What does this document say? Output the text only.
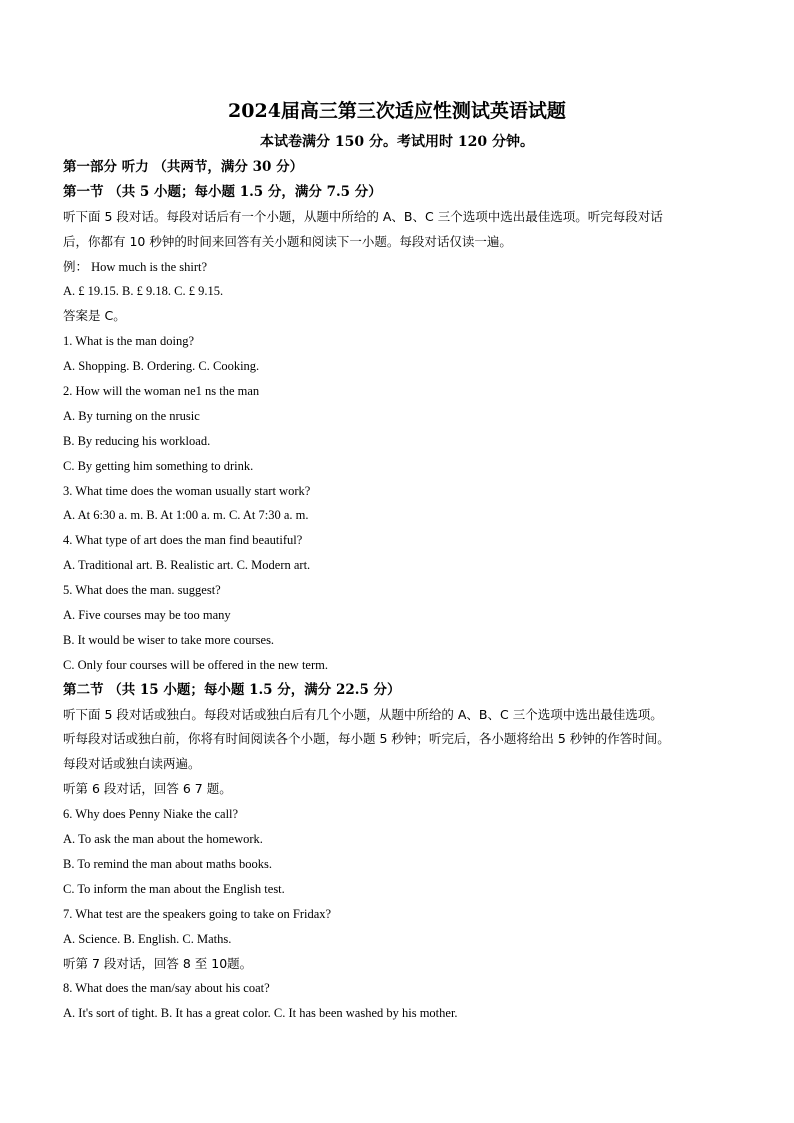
2024届高三第三次适应性测试英语试题
本试卷满分 150 分。考试用时 120 分钟。
第一部分 听力 （共两节，满分 30 分）
第一节 （共 5 小题；每小题 1.5 分，满分 7.5 分）
听下面 5 段对话。每段对话后有一个小题，从题中所给的 A、B、C 三个选项中选出最佳选项。听完每段对话
后，你都有 10 秒钟的时间来回答有关小题和阅读下一小题。每段对话仅读一遍。
例： How much is the shirt?
A. £ 19.15. B. £ 9.18. C. £ 9.15.
答案是 C。
1. What is the man doing?
A. Shopping. B. Ordering. C. Cooking.
2. How will the woman ne1 ns the man
A. By turning on the nrusic
B. By reducing his workload.
C. By getting him something to drink.
3. What time does the woman usually start work?
A. At 6:30 a. m. B. At 1:00 a. m. C. At 7:30 a. m.
4. What type of art does the man find beautiful?
A. Traditional art. B. Realistic art. C. Modern art.
5. What does the man. suggest?
A. Five courses may be too many
B. It would be wiser to take more courses.
C. Only four courses will be offered in the new term.
第二节 （共 15 小题；每小题 1.5 分，满分 22.5 分）
听下面 5 段对话或独白。每段对话或独白后有几个小题，从题中所给的 A、B、C 三个选项中选出最佳选项。
听每段对话或独白前，你将有时间阅读各个小题，每小题 5 秒钟；听完后，各小题将给出 5 秒钟的作答时间。
每段对话或独白读两遍。
听第 6 段对话，回答 6 7 题。
6. Why does Penny Niake the call?
A. To ask the man about the homework.
B. To remind the man about maths books.
C. To inform the man about the English test.
7. What test are the speakers going to take on Fridax?
A. Science. B. English. C. Maths.
听第 7 段对话，回答 8 至 10题。
8. What does the man/say about his coat?
A. It's sort of tight. B. It has a great color. C. It has been washed by his mother.
